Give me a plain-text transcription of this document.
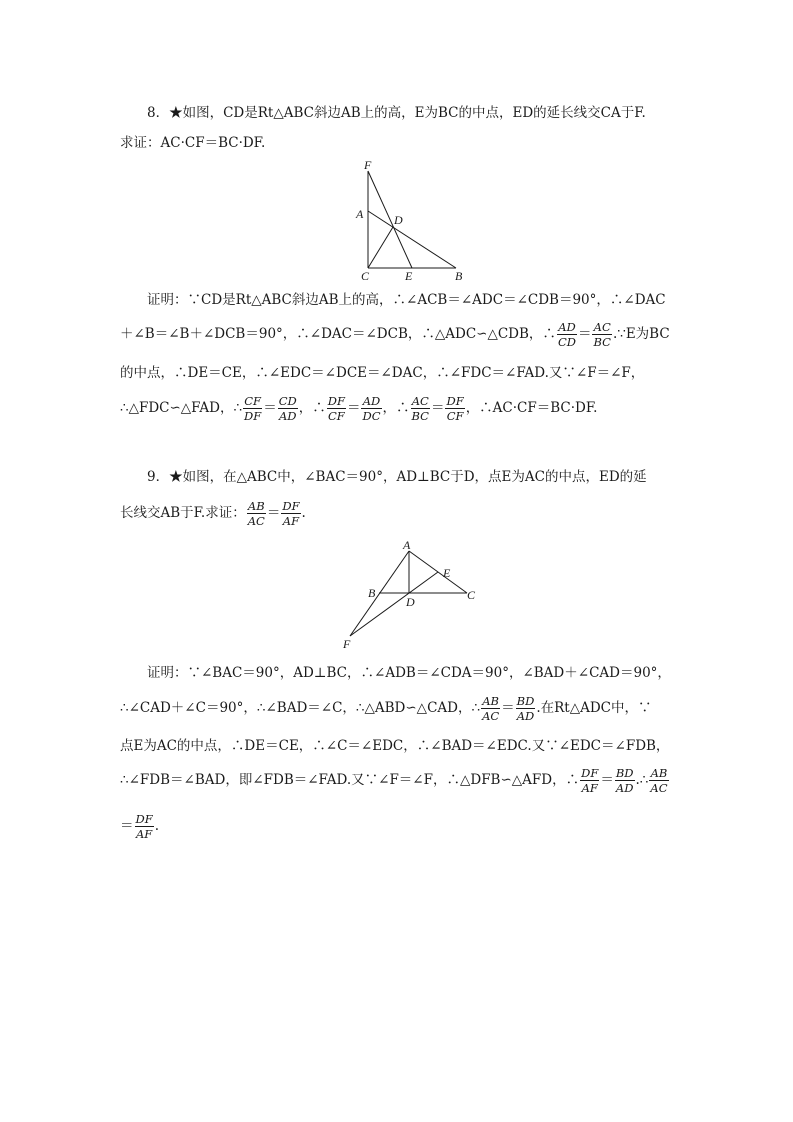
8．★如图，CD是Rt△ABC斜边AB上的高，E为BC的中点，ED的延长线交CA于F.
求证：AC·CF＝BC·DF.
F
A	D
C	E	B
证明：∵CD是Rt△ABC斜边AB上的高，∴∠ACB＝∠ADC＝∠CDB＝90°，∴∠DAC
＋∠B＝∠B＋∠DCB＝90°，∴∠DAC＝∠DCB，∴△ADC∽△CDB，∴ $\frac{AD}{CD} = \frac{AC}{BC}$ .∵E为BC
的中点，∴DE＝CE，∴∠EDC＝∠DCE＝∠DAC，∴∠FDC＝∠FAD.又∵∠F＝∠F，
∴△FDC∽△FAD，∴ $\frac{CF}{DF} = \frac{CD}{AD}$ ，∴ $\frac{DF}{CF} = \frac{AD}{DC}$ ，∴ $\frac{AC}{BC} = \frac{DF}{CF}$ ，∴AC·CF＝BC·DF.
9．★如图，在△ABC中，∠BAC＝90°，AD⊥BC于D，点E为AC的中点，ED的延
长线交AB于F.求证： $\frac{AB}{AC} = \frac{DF}{AF}$ .
A
E
B
D	C
F
证明：∵∠BAC＝90°，AD⊥BC，∴∠ADB＝∠CDA＝90°，∠BAD＋∠CAD＝90°，
∴∠CAD＋∠C＝90°，∴∠BAD＝∠C，∴△ABD∽△CAD，∴ $\frac{AB}{AC} = \frac{BD}{AD}$ .在Rt△ADC中，∵
点E为AC的中点，∴DE＝CE，∴∠C＝∠EDC，∴∠BAD＝∠EDC.又∵∠EDC＝∠FDB，
∴∠FDB＝∠BAD，即∠FDB＝∠FAD.又∵∠F＝∠F，∴△DFB∽△AFD，∴ $\frac{DF}{AF} = \frac{BD}{AD}$ .∴ $\frac{AB}{AC}$
＝ $\frac{DF}{AF}$ .
